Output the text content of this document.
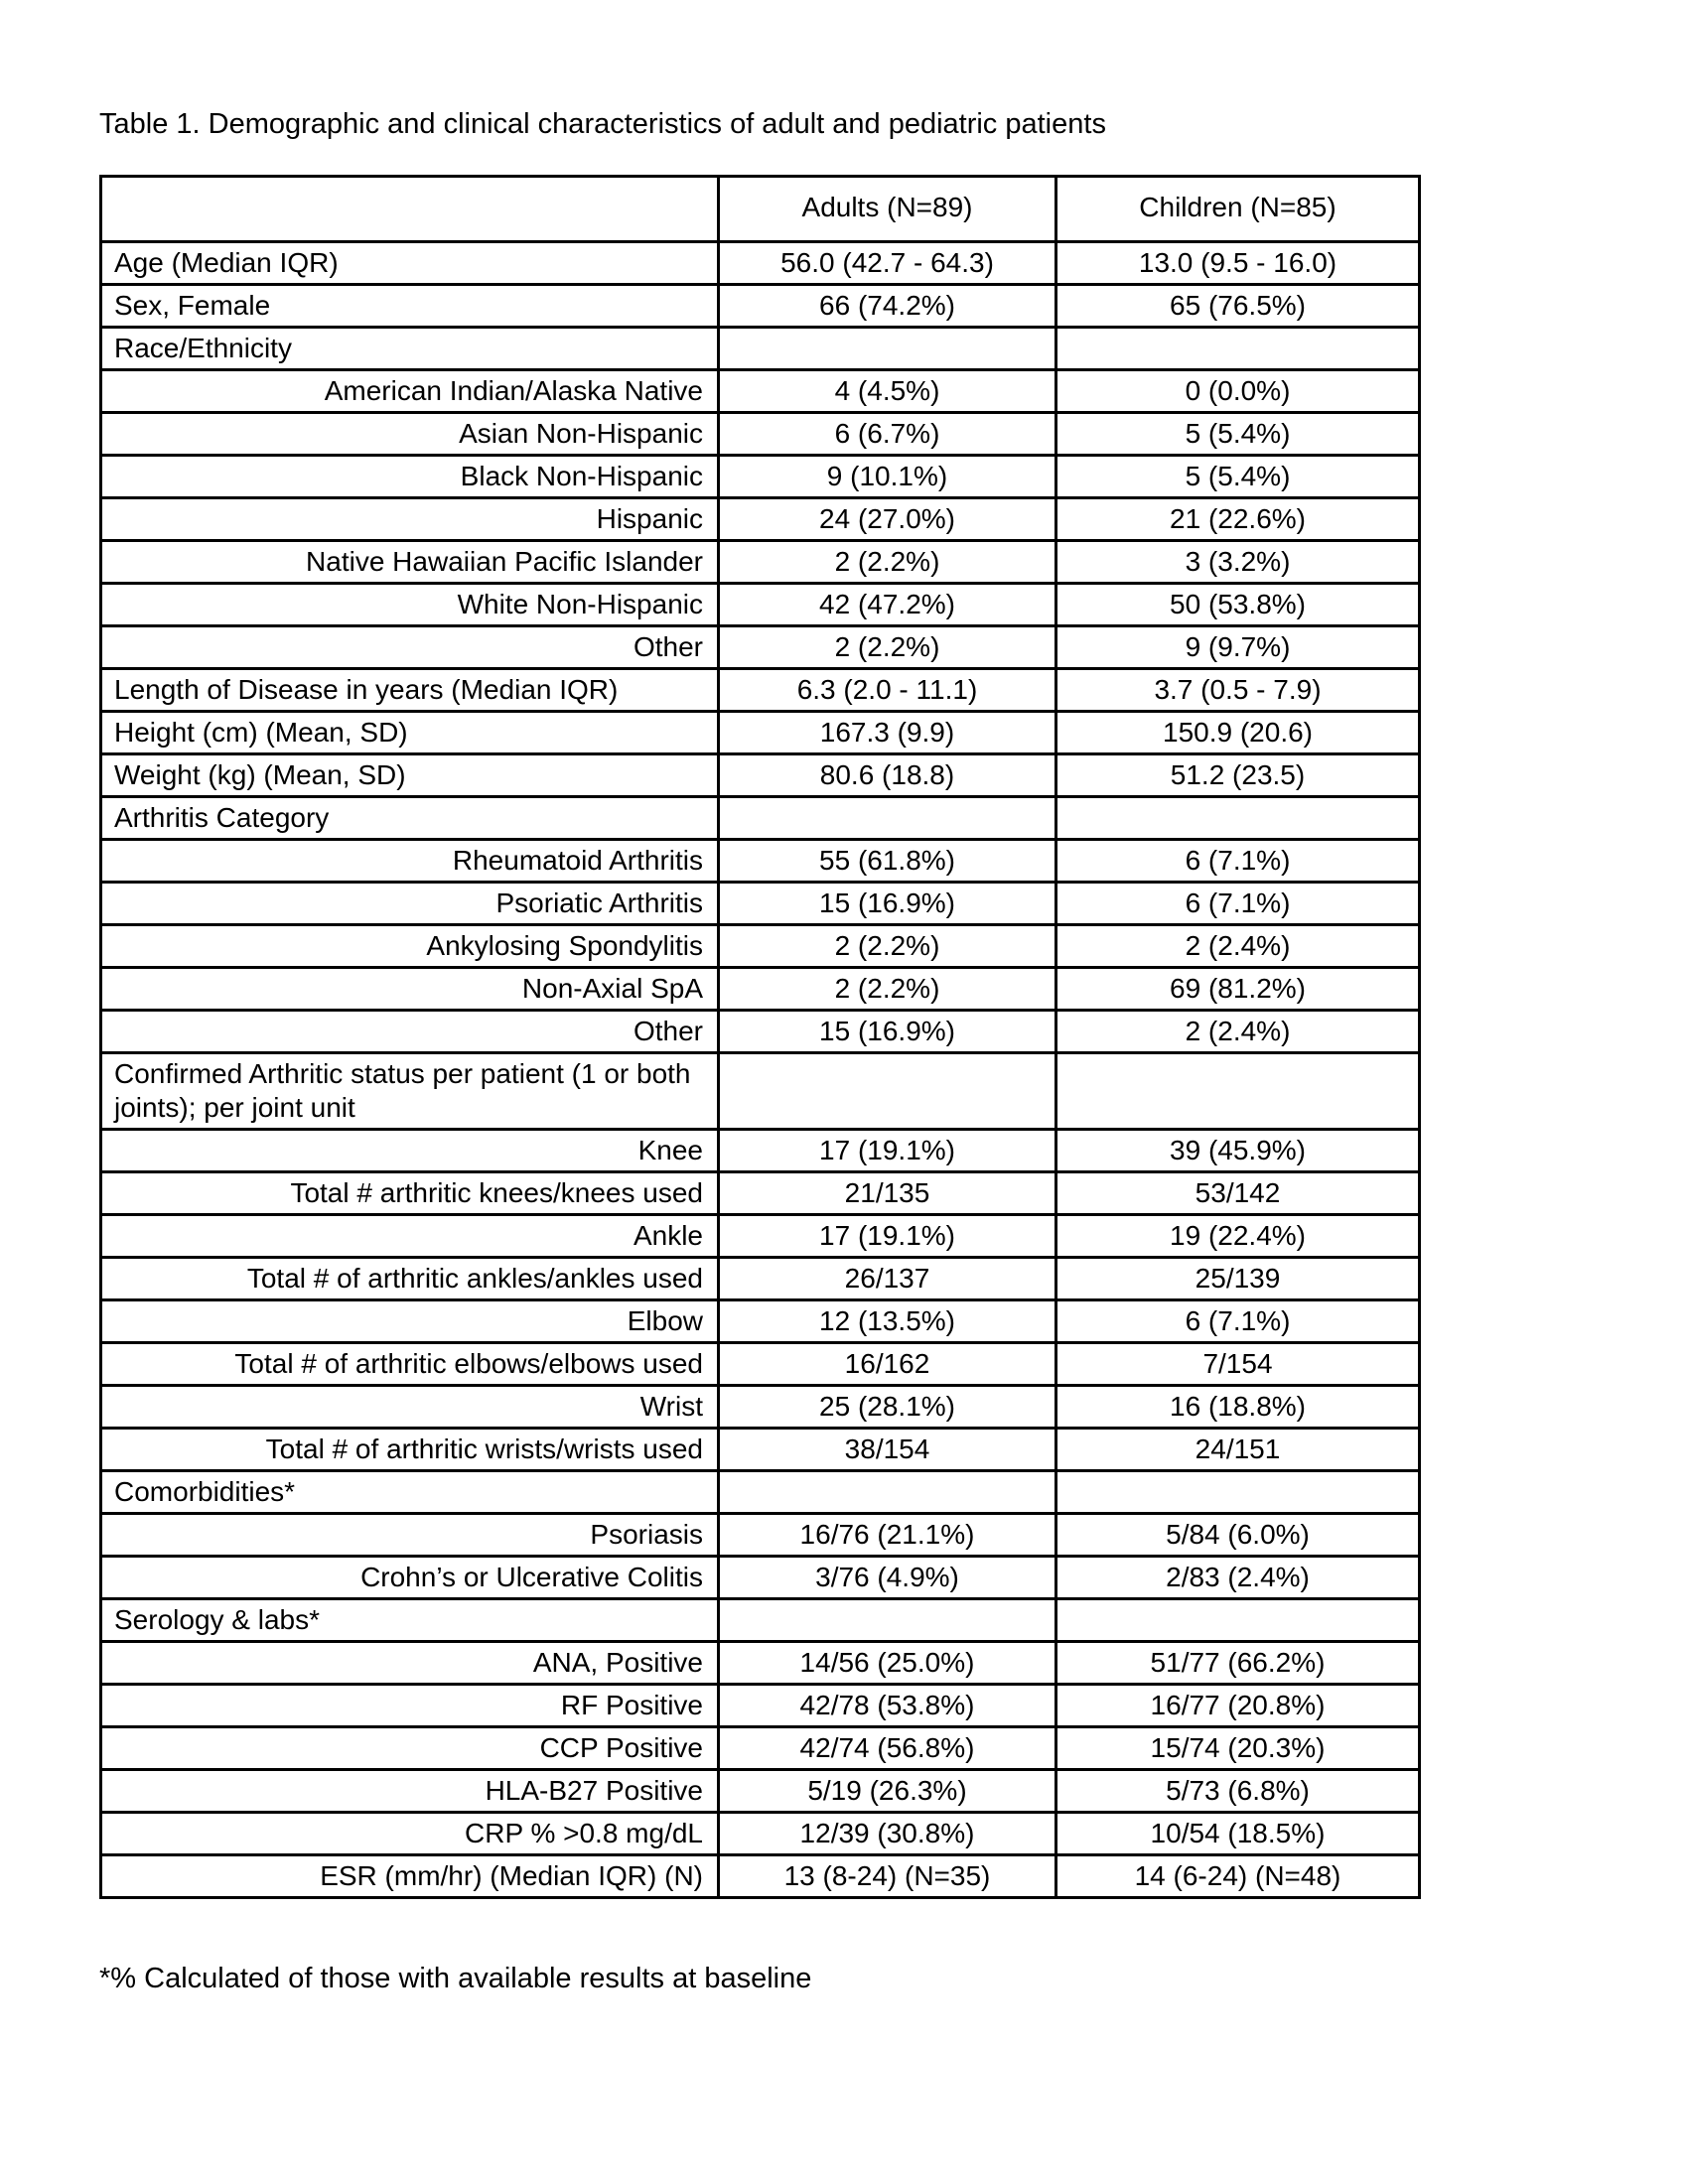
Table 1. Demographic and clinical characteristics of adult and pediatric patients

	Adults (N=89)	Children (N=85)
Age (Median IQR)	56.0 (42.7 - 64.3)	13.0 (9.5 - 16.0)
Sex, Female	66 (74.2%)	65 (76.5%)
Race/Ethnicity		
American Indian/Alaska Native	4 (4.5%)	0 (0.0%)
Asian Non-Hispanic	6 (6.7%)	5 (5.4%)
Black Non-Hispanic	9 (10.1%)	5 (5.4%)
Hispanic	24 (27.0%)	21 (22.6%)
Native Hawaiian Pacific Islander	2 (2.2%)	3 (3.2%)
White Non-Hispanic	42 (47.2%)	50 (53.8%)
Other	2 (2.2%)	9 (9.7%)
Length of Disease in years (Median IQR)	6.3 (2.0 - 11.1)	3.7 (0.5 - 7.9)
Height (cm) (Mean, SD)	167.3 (9.9)	150.9 (20.6)
Weight (kg) (Mean, SD)	80.6 (18.8)	51.2 (23.5)
Arthritis Category		
Rheumatoid Arthritis	55 (61.8%)	6 (7.1%)
Psoriatic Arthritis	15 (16.9%)	6 (7.1%)
Ankylosing Spondylitis	2 (2.2%)	2 (2.4%)
Non-Axial SpA	2 (2.2%)	69 (81.2%)
Other	15 (16.9%)	2 (2.4%)
Confirmed Arthritic status per patient (1 or both joints); per joint unit		
Knee	17 (19.1%)	39 (45.9%)
Total # arthritic knees/knees used	21/135	53/142
Ankle	17 (19.1%)	19 (22.4%)
Total # of arthritic ankles/ankles used	26/137	25/139
Elbow	12 (13.5%)	6 (7.1%)
Total # of arthritic elbows/elbows used	16/162	7/154
Wrist	25 (28.1%)	16 (18.8%)
Total # of arthritic wrists/wrists used	38/154	24/151
Comorbidities*		
Psoriasis	16/76 (21.1%)	5/84 (6.0%)
Crohn’s or Ulcerative Colitis	3/76 (4.9%)	2/83 (2.4%)
Serology & labs*		
ANA, Positive	14/56 (25.0%)	51/77 (66.2%)
RF Positive	42/78 (53.8%)	16/77 (20.8%)
CCP Positive	42/74 (56.8%)	15/74 (20.3%)
HLA-B27 Positive	5/19 (26.3%)	5/73 (6.8%)
CRP % >0.8 mg/dL	12/39 (30.8%)	10/54 (18.5%)
ESR (mm/hr) (Median IQR) (N)	13 (8-24) (N=35)	14 (6-24) (N=48)

*% Calculated of those with available results at baseline
